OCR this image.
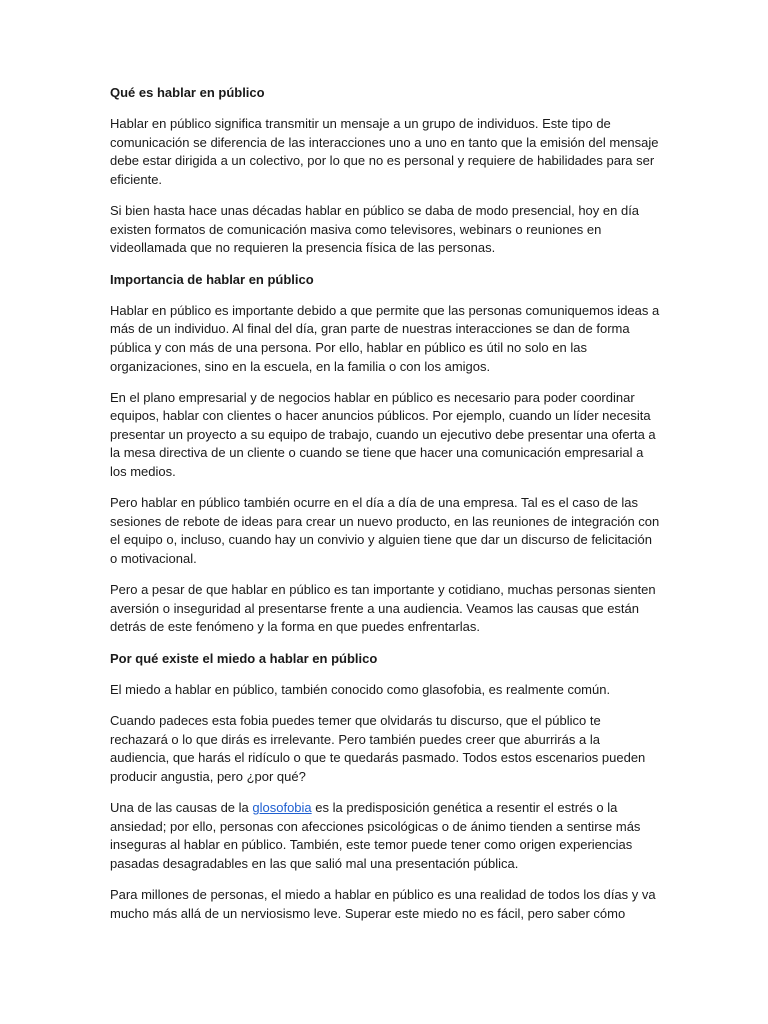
Qué es hablar en público

Hablar en público significa transmitir un mensaje a un grupo de individuos. Este tipo de comunicación se diferencia de las interacciones uno a uno en tanto que la emisión del mensaje debe estar dirigida a un colectivo, por lo que no es personal y requiere de habilidades para ser eficiente.

Si bien hasta hace unas décadas hablar en público se daba de modo presencial, hoy en día existen formatos de comunicación masiva como televisores, webinars o reuniones en videollamada que no requieren la presencia física de las personas.

Importancia de hablar en público

Hablar en público es importante debido a que permite que las personas comuniquemos ideas a más de un individuo. Al final del día, gran parte de nuestras interacciones se dan de forma pública y con más de una persona. Por ello, hablar en público es útil no solo en las organizaciones, sino en la escuela, en la familia o con los amigos.

En el plano empresarial y de negocios hablar en público es necesario para poder coordinar equipos, hablar con clientes o hacer anuncios públicos. Por ejemplo, cuando un líder necesita presentar un proyecto a su equipo de trabajo, cuando un ejecutivo debe presentar una oferta a la mesa directiva de un cliente o cuando se tiene que hacer una comunicación empresarial a los medios.

Pero hablar en público también ocurre en el día a día de una empresa. Tal es el caso de las sesiones de rebote de ideas para crear un nuevo producto, en las reuniones de integración con el equipo o, incluso, cuando hay un convivio y alguien tiene que dar un discurso de felicitación o motivacional.

Pero a pesar de que hablar en público es tan importante y cotidiano, muchas personas sienten aversión o inseguridad al presentarse frente a una audiencia. Veamos las causas que están detrás de este fenómeno y la forma en que puedes enfrentarlas.

Por qué existe el miedo a hablar en público

El miedo a hablar en público, también conocido como glasofobia, es realmente común.

Cuando padeces esta fobia puedes temer que olvidarás tu discurso, que el público te rechazará o lo que dirás es irrelevante. Pero también puedes creer que aburrirás a la audiencia, que harás el ridículo o que te quedarás pasmado. Todos estos escenarios pueden producir angustia, pero ¿por qué?

Una de las causas de la glosofobia es la predisposición genética a resentir el estrés o la ansiedad; por ello, personas con afecciones psicológicas o de ánimo tienden a sentirse más inseguras al hablar en público. También, este temor puede tener como origen experiencias pasadas desagradables en las que salió mal una presentación pública.

Para millones de personas, el miedo a hablar en público es una realidad de todos los días y va mucho más allá de un nerviosismo leve. Superar este miedo no es fácil, pero saber cómo
